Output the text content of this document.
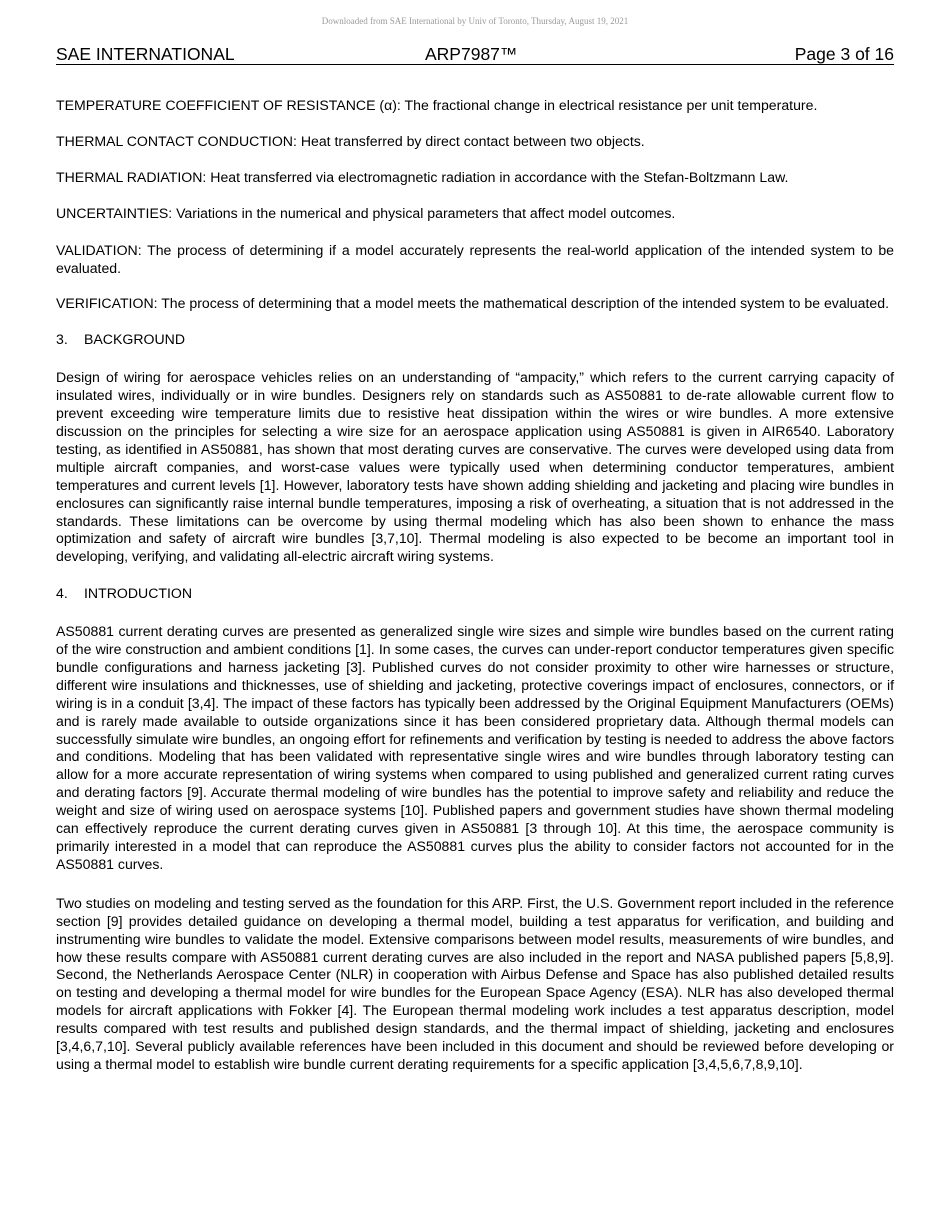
Downloaded from SAE International by Univ of Toronto, Thursday, August 19, 2021
SAE INTERNATIONAL	ARP7987™	Page 3 of 16

TEMPERATURE COEFFICIENT OF RESISTANCE (α): The fractional change in electrical resistance per unit temperature.

THERMAL CONTACT CONDUCTION: Heat transferred by direct contact between two objects.

THERMAL RADIATION: Heat transferred via electromagnetic radiation in accordance with the Stefan-Boltzmann Law.

UNCERTAINTIES: Variations in the numerical and physical parameters that affect model outcomes.

VALIDATION: The process of determining if a model accurately represents the real-world application of the intended system to be evaluated.

VERIFICATION: The process of determining that a model meets the mathematical description of the intended system to be evaluated.

3.	BACKGROUND

Design of wiring for aerospace vehicles relies on an understanding of “ampacity,” which refers to the current carrying capacity of insulated wires, individually or in wire bundles. Designers rely on standards such as AS50881 to de-rate allowable current flow to prevent exceeding wire temperature limits due to resistive heat dissipation within the wires or wire bundles. A more extensive discussion on the principles for selecting a wire size for an aerospace application using AS50881 is given in AIR6540. Laboratory testing, as identified in AS50881, has shown that most derating curves are conservative. The curves were developed using data from multiple aircraft companies, and worst-case values were typically used when determining conductor temperatures, ambient temperatures and current levels [1]. However, laboratory tests have shown adding shielding and jacketing and placing wire bundles in enclosures can significantly raise internal bundle temperatures, imposing a risk of overheating, a situation that is not addressed in the standards. These limitations can be overcome by using thermal modeling which has also been shown to enhance the mass optimization and safety of aircraft wire bundles [3,7,10]. Thermal modeling is also expected to be become an important tool in developing, verifying, and validating all-electric aircraft wiring systems.

4.	INTRODUCTION

AS50881 current derating curves are presented as generalized single wire sizes and simple wire bundles based on the current rating of the wire construction and ambient conditions [1]. In some cases, the curves can under-report conductor temperatures given specific bundle configurations and harness jacketing [3]. Published curves do not consider proximity to other wire harnesses or structure, different wire insulations and thicknesses, use of shielding and jacketing, protective coverings impact of enclosures, connectors, or if wiring is in a conduit [3,4]. The impact of these factors has typically been addressed by the Original Equipment Manufacturers (OEMs) and is rarely made available to outside organizations since it has been considered proprietary data. Although thermal models can successfully simulate wire bundles, an ongoing effort for refinements and verification by testing is needed to address the above factors and conditions. Modeling that has been validated with representative single wires and wire bundles through laboratory testing can allow for a more accurate representation of wiring systems when compared to using published and generalized current rating curves and derating factors [9]. Accurate thermal modeling of wire bundles has the potential to improve safety and reliability and reduce the weight and size of wiring used on aerospace systems [10]. Published papers and government studies have shown thermal modeling can effectively reproduce the current derating curves given in AS50881 [3 through 10]. At this time, the aerospace community is primarily interested in a model that can reproduce the AS50881 curves plus the ability to consider factors not accounted for in the AS50881 curves.

Two studies on modeling and testing served as the foundation for this ARP. First, the U.S. Government report included in the reference section [9] provides detailed guidance on developing a thermal model, building a test apparatus for verification, and building and instrumenting wire bundles to validate the model. Extensive comparisons between model results, measurements of wire bundles, and how these results compare with AS50881 current derating curves are also included in the report and NASA published papers [5,8,9]. Second, the Netherlands Aerospace Center (NLR) in cooperation with Airbus Defense and Space has also published detailed results on testing and developing a thermal model for wire bundles for the European Space Agency (ESA). NLR has also developed thermal models for aircraft applications with Fokker [4]. The European thermal modeling work includes a test apparatus description, model results compared with test results and published design standards, and the thermal impact of shielding, jacketing and enclosures [3,4,6,7,10]. Several publicly available references have been included in this document and should be reviewed before developing or using a thermal model to establish wire bundle current derating requirements for a specific application [3,4,5,6,7,8,9,10].
